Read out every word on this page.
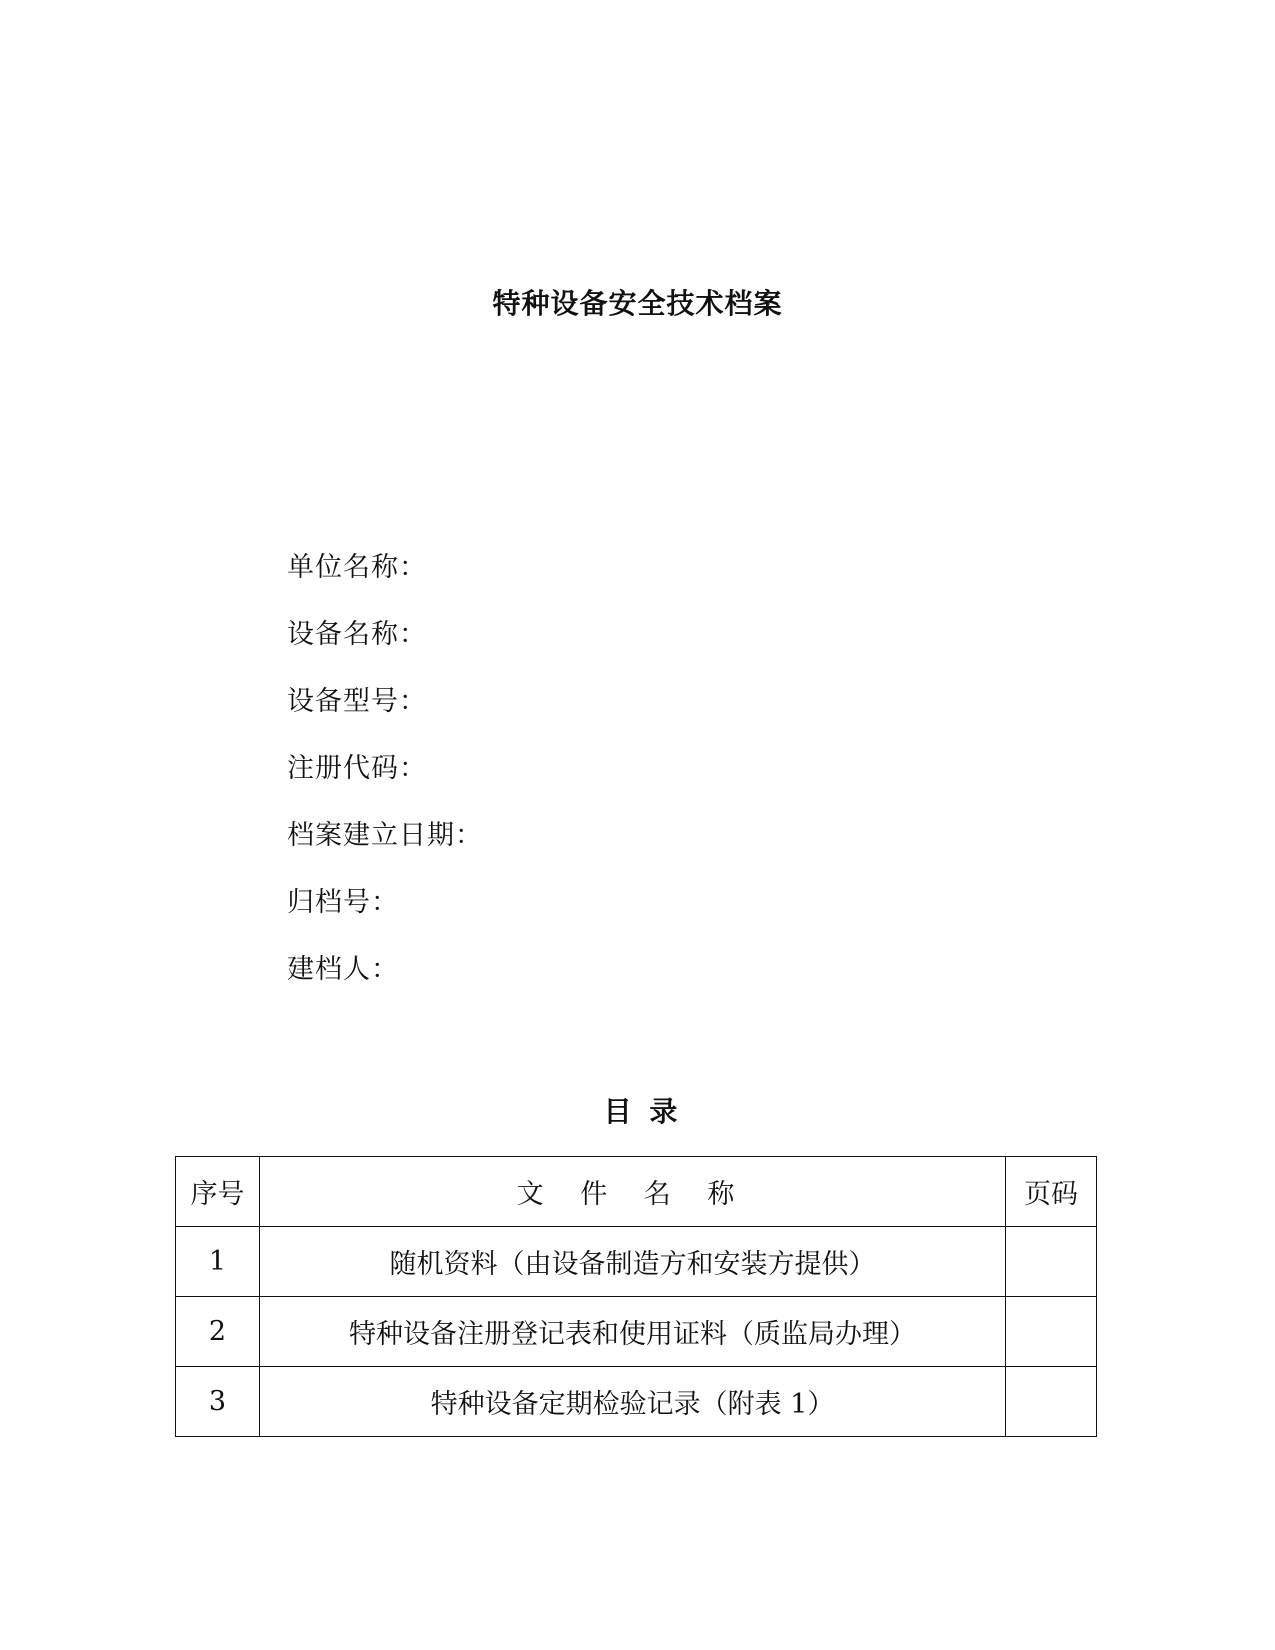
特种设备安全技术档案
单位名称：
设备名称：
设备型号：
注册代码：
档案建立日期：
归档号：
建档人：
目 录
序号	文 件 名 称	页码
1	随机资料（由设备制造方和安装方提供）	
2	特种设备注册登记表和使用证料（质监局办理）	
3	特种设备定期检验记录（附表 1）	
